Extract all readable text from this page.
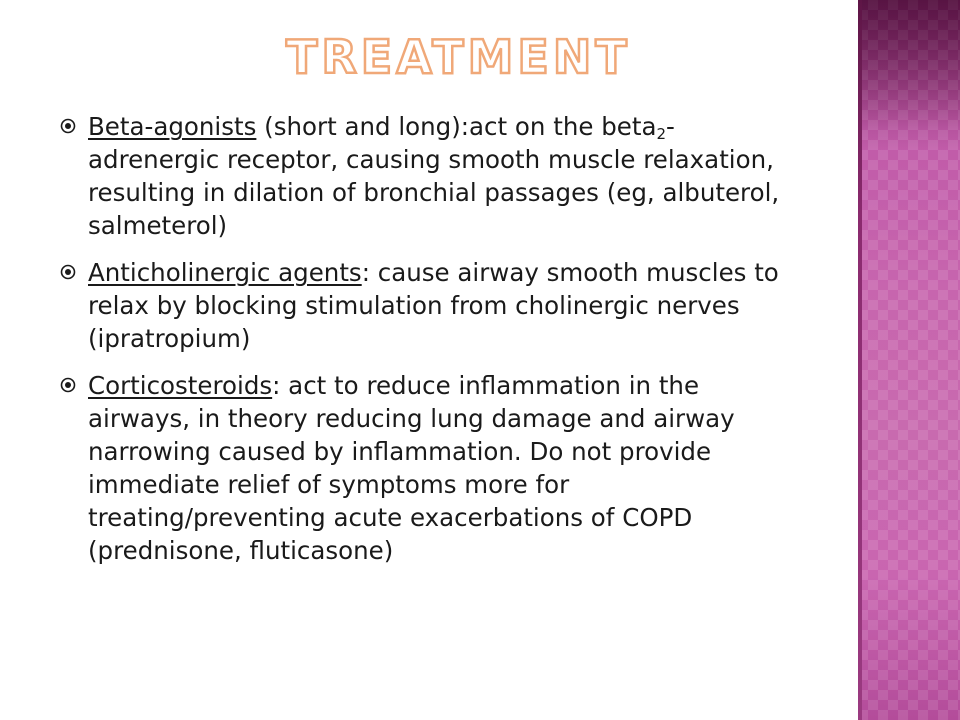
TREATMENT
Beta-agonists (short and long):act on the beta$_2$-adrenergic receptor, causing smooth muscle relaxation, resulting in dilation of bronchial passages (eg, albuterol, salmeterol)
Anticholinergic agents: cause airway smooth muscles to relax by blocking stimulation from cholinergic nerves (ipratropium)
Corticosteroids: act to reduce inflammation in the airways, in theory reducing lung damage and airway narrowing caused by inflammation. Do not provide immediate relief of symptoms more for treating/preventing acute exacerbations of COPD (prednisone, fluticasone)
